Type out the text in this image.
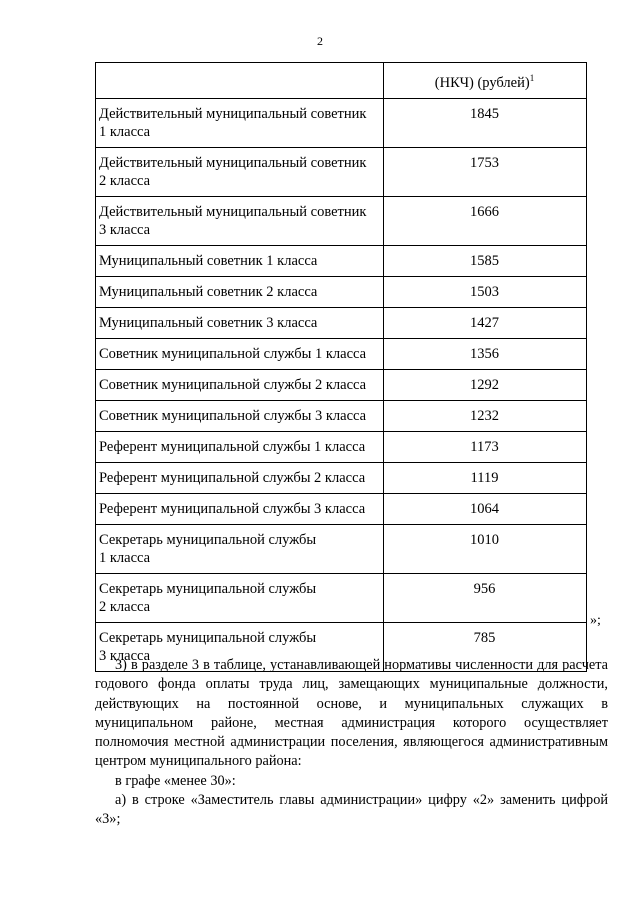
2
	(НКЧ) (рублей)$^1$

Действительный муниципальный советник
1 класса	1845

Действительный муниципальный советник
2 класса	1753

Действительный муниципальный советник
3 класса	1666

Муниципальный советник 1 класса	1585

Муниципальный советник 2 класса	1503

Муниципальный советник 3 класса	1427

Советник муниципальной службы 1 класса	1356

Советник муниципальной службы 2 класса	1292

Советник муниципальной службы 3 класса	1232

Референт муниципальной службы 1 класса	1173

Референт муниципальной службы 2 класса	1119

Референт муниципальной службы 3 класса	1064

Секретарь муниципальной службы
1 класса	1010

Секретарь муниципальной службы
2 класса	956

Секретарь муниципальной службы
3 класса	785
»;

3) в разделе 3 в таблице, устанавливающей нормативы численности для расчета годового фонда оплаты труда лиц, замещающих муниципальные должности, действующих на постоянной основе, и муниципальных служащих в муниципальном районе, местная администрация которого осуществляет полномочия местной администрации поселения, являющегося административным центром муниципального района:

в графе «менее 30»:

а) в строке «Заместитель главы администрации» цифру «2» заменить цифрой «3»;
